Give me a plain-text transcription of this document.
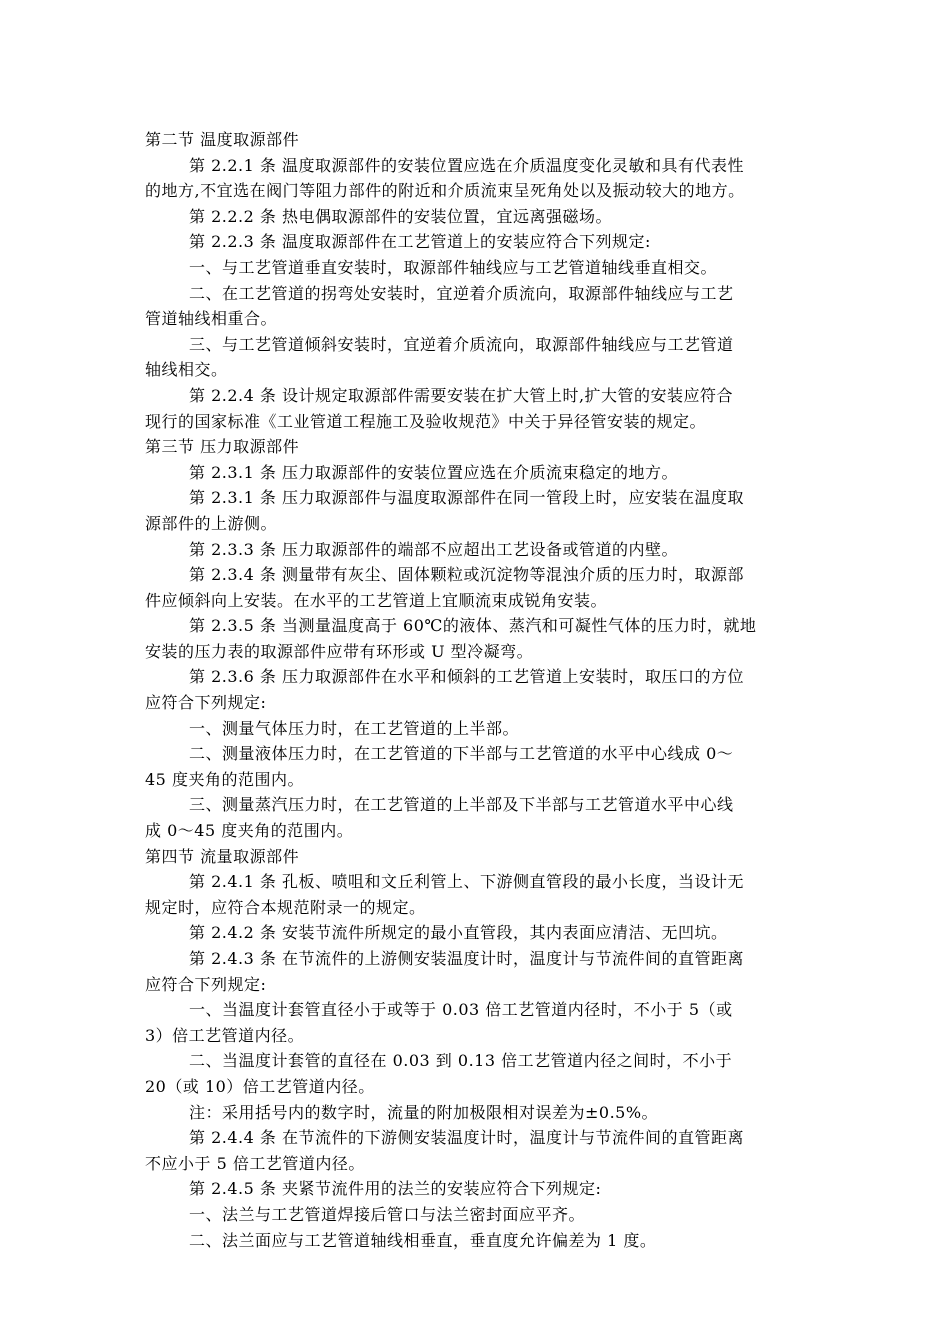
第二节 温度取源部件
第 2.2.1 条 温度取源部件的安装位置应选在介质温度变化灵敏和具有代表性
的地方,不宜选在阀门等阻力部件的附近和介质流束呈死角处以及振动较大的地方。
第 2.2.2 条 热电偶取源部件的安装位置，宜远离强磁场。
第 2.2.3 条 温度取源部件在工艺管道上的安装应符合下列规定:
一、与工艺管道垂直安装时，取源部件轴线应与工艺管道轴线垂直相交。
二、在工艺管道的拐弯处安装时，宜逆着介质流向，取源部件轴线应与工艺
管道轴线相重合。
三、与工艺管道倾斜安装时，宜逆着介质流向，取源部件轴线应与工艺管道
轴线相交。
第 2.2.4 条 设计规定取源部件需要安装在扩大管上时,扩大管的安装应符合
现行的国家标准《工业管道工程施工及验收规范》中关于异径管安装的规定。
第三节 压力取源部件
第 2.3.1 条 压力取源部件的安装位置应选在介质流束稳定的地方。
第 2.3.1 条 压力取源部件与温度取源部件在同一管段上时，应安装在温度取
源部件的上游侧。
第 2.3.3 条 压力取源部件的端部不应超出工艺设备或管道的内壁。
第 2.3.4 条 测量带有灰尘、固体颗粒或沉淀物等混浊介质的压力时，取源部
件应倾斜向上安装。在水平的工艺管道上宜顺流束成锐角安装。
第 2.3.5 条 当测量温度高于 60℃的液体、蒸汽和可凝性气体的压力时，就地
安装的压力表的取源部件应带有环形或 U 型冷凝弯。
第 2.3.6 条 压力取源部件在水平和倾斜的工艺管道上安装时，取压口的方位
应符合下列规定:
一、测量气体压力时，在工艺管道的上半部。
二、测量液体压力时，在工艺管道的下半部与工艺管道的水平中心线成 0～
45 度夹角的范围内。
三、测量蒸汽压力时，在工艺管道的上半部及下半部与工艺管道水平中心线
成 0～45 度夹角的范围内。
第四节 流量取源部件
第 2.4.1 条 孔板、喷咀和文丘利管上、下游侧直管段的最小长度，当设计无
规定时，应符合本规范附录一的规定。
第 2.4.2 条 安装节流件所规定的最小直管段，其内表面应清洁、无凹坑。
第 2.4.3 条 在节流件的上游侧安装温度计时，温度计与节流件间的直管距离
应符合下列规定:
一、当温度计套管直径小于或等于 0.03 倍工艺管道内径时，不小于 5（或
3）倍工艺管道内径。
二、当温度计套管的直径在 0.03 到 0.13 倍工艺管道内径之间时，不小于
20（或 10）倍工艺管道内径。
注：采用括号内的数字时，流量的附加极限相对误差为±0.5%。
第 2.4.4 条 在节流件的下游侧安装温度计时，温度计与节流件间的直管距离
不应小于 5 倍工艺管道内径。
第 2.4.5 条 夹紧节流件用的法兰的安装应符合下列规定:
一、法兰与工艺管道焊接后管口与法兰密封面应平齐。
二、法兰面应与工艺管道轴线相垂直，垂直度允许偏差为 1 度。
